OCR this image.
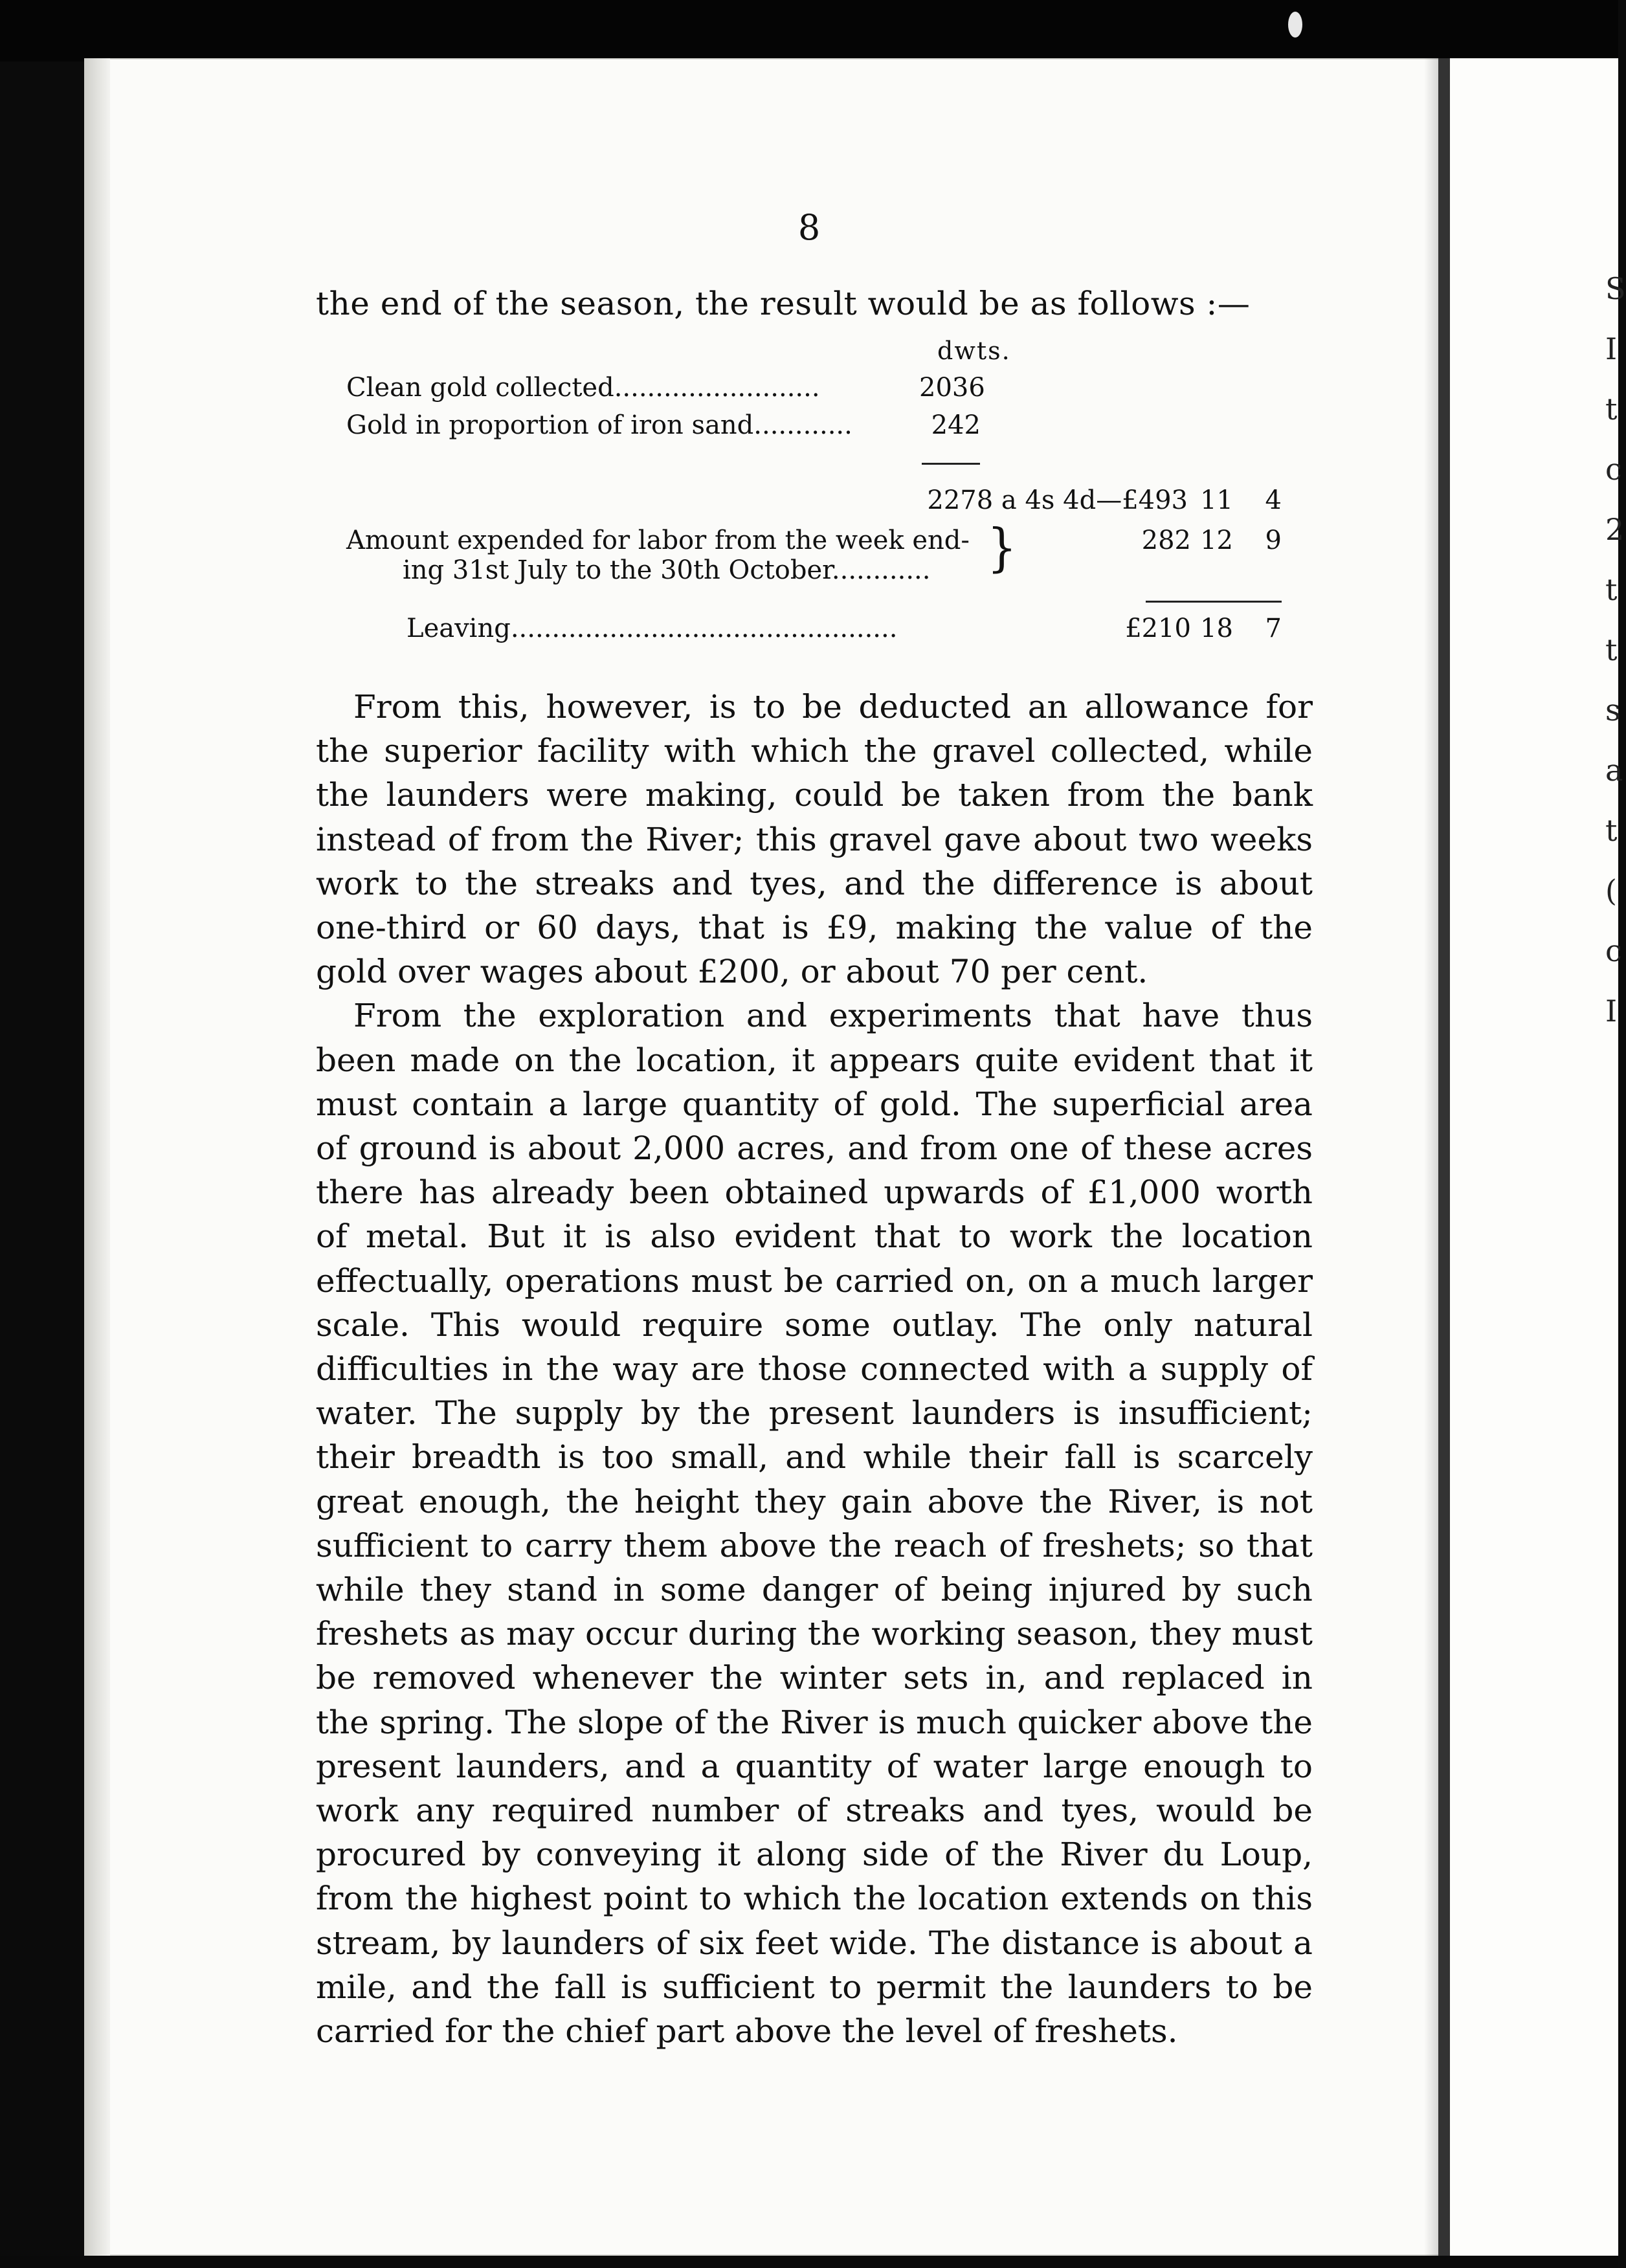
S
I
t
c
2
t
t
s
a
t
(
c
I
8
the end of the season, the result would be as follows :—
dwts.
Clean gold collected.........................	2036
Gold in proportion of iron sand............	242
2278 a 4s 4d—£493 11	4
Amount expended for labor from the week end-
ing 31st July to the 30th October............
282 12	9
}
Leaving...............................................	£210 18	7

From this, however, is to be deducted an allowance for the superior facility with which the gravel collected, while the launders were making, could be taken from the bank instead of from the River; this gravel gave about two weeks work to the streaks and tyes, and the difference is about one-third or 60 days, that is £9, making the value of the gold over wages about £200, or about 70 per cent.

From the exploration and experiments that have thus been made on the location, it appears quite evident that it must contain a large quantity of gold. The superficial area of ground is about 2,000 acres, and from one of these acres there has already been obtained upwards of £1,000 worth of metal. But it is also evident that to work the location effectually, operations must be carried on, on a much larger scale. This would require some outlay. The only natural difficulties in the way are those connected with a supply of water. The supply by the present launders is insufficient; their breadth is too small, and while their fall is scarcely great enough, the height they gain above the River, is not sufficient to carry them above the reach of freshets; so that while they stand in some danger of being injured by such freshets as may occur during the working season, they must be removed whenever the winter sets in, and replaced in the spring. The slope of the River is much quicker above the present launders, and a quantity of water large enough to work any required number of streaks and tyes, would be procured by conveying it along side of the River du Loup, from the highest point to which the location extends on this stream, by launders of six feet wide. The distance is about a mile, and the fall is sufficient to permit the launders to be carried for the chief part above the level of freshets.
